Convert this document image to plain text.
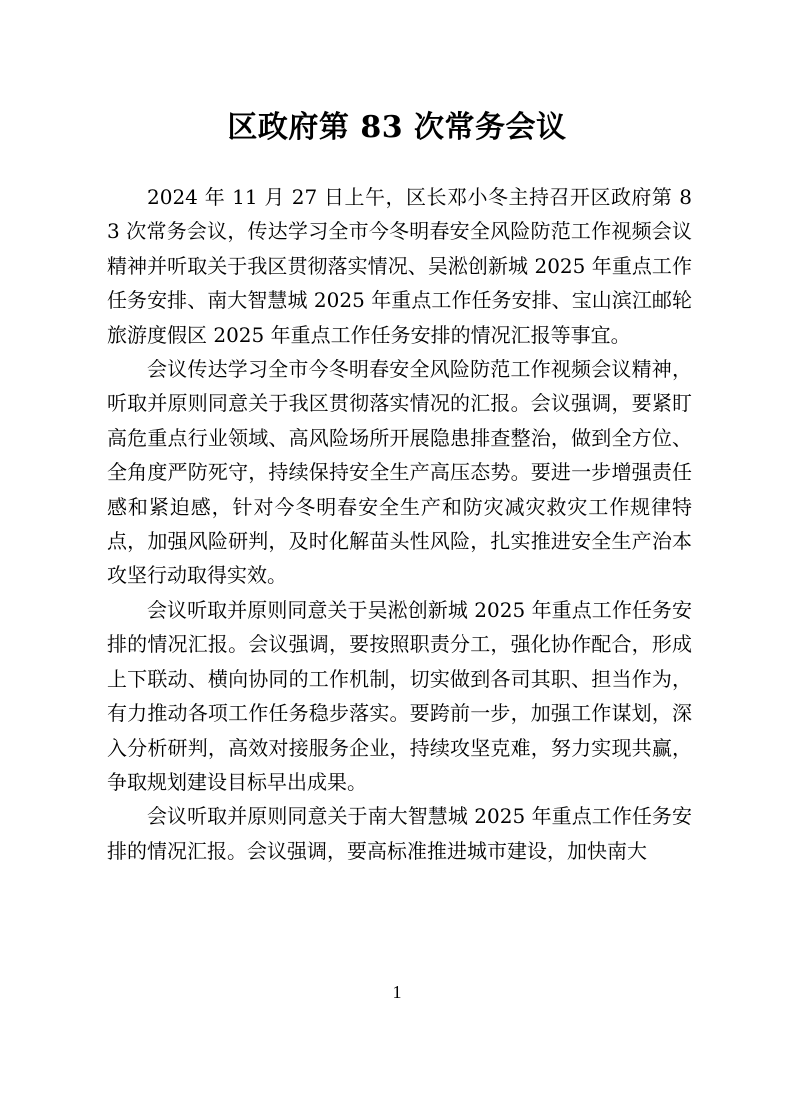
区政府第 83 次常务会议

2024 年 11 月 27 日上午，区长邓小冬主持召开区政府第 83 次常务会议，传达学习全市今冬明春安全风险防范工作视频会议精神并听取关于我区贯彻落实情况、吴淞创新城 2025 年重点工作任务安排、南大智慧城 2025 年重点工作任务安排、宝山滨江邮轮旅游度假区 2025 年重点工作任务安排的情况汇报等事宜。

会议传达学习全市今冬明春安全风险防范工作视频会议精神，听取并原则同意关于我区贯彻落实情况的汇报。会议强调，要紧盯高危重点行业领域、高风险场所开展隐患排查整治，做到全方位、全角度严防死守，持续保持安全生产高压态势。要进一步增强责任感和紧迫感，针对今冬明春安全生产和防灾减灾救灾工作规律特点，加强风险研判，及时化解苗头性风险，扎实推进安全生产治本攻坚行动取得实效。

会议听取并原则同意关于吴淞创新城 2025 年重点工作任务安排的情况汇报。会议强调，要按照职责分工，强化协作配合，形成上下联动、横向协同的工作机制，切实做到各司其职、担当作为，有力推动各项工作任务稳步落实。要跨前一步，加强工作谋划，深入分析研判，高效对接服务企业，持续攻坚克难，努力实现共赢，争取规划建设目标早出成果。

会议听取并原则同意关于南大智慧城 2025 年重点工作任务安排的情况汇报。会议强调，要高标准推进城市建设，加快南大

1
